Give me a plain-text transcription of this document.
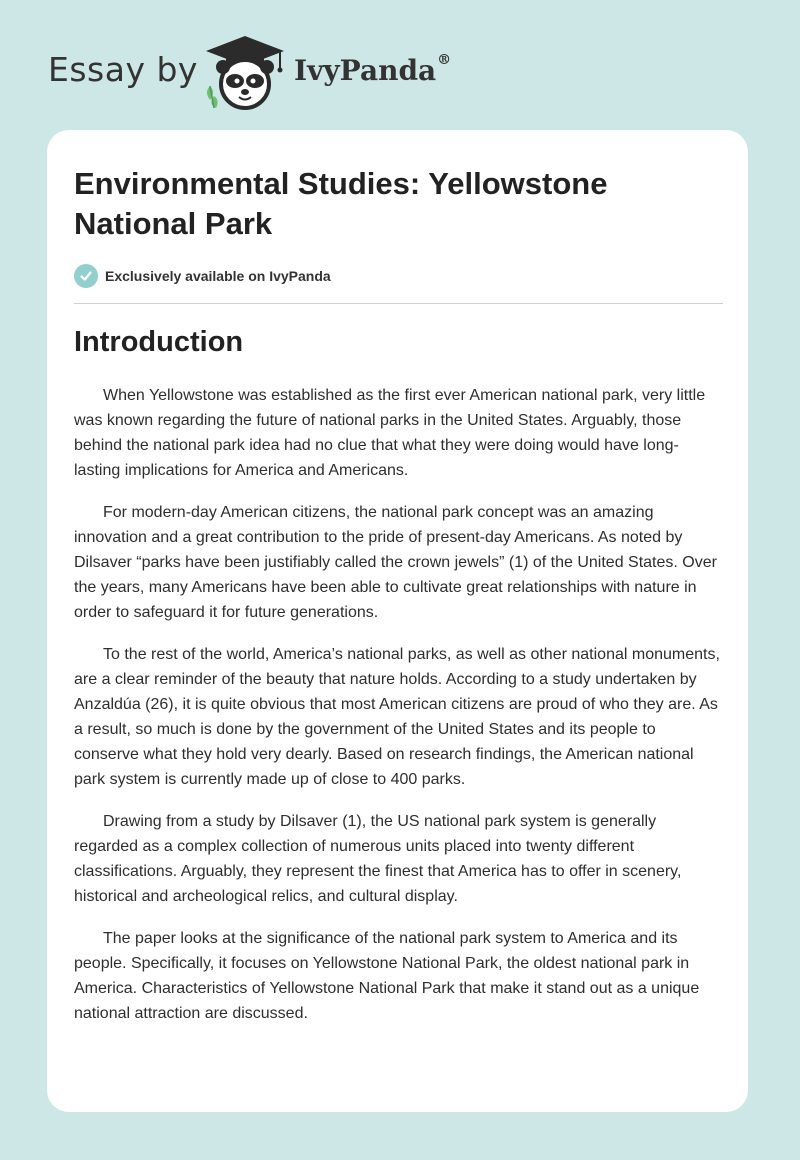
Essay by	IvyPanda®
Environmental Studies: Yellowstone National Park
Exclusively available on IvyPanda
Introduction

When Yellowstone was established as the first ever American national park, very little was known regarding the future of national parks in the United States. Arguably, those behind the national park idea had no clue that what they were doing would have long-lasting implications for America and Americans.

For modern-day American citizens, the national park concept was an amazing innovation and a great contribution to the pride of present-day Americans. As noted by Dilsaver “parks have been justifiably called the crown jewels” (1) of the United States. Over the years, many Americans have been able to cultivate great relationships with nature in order to safeguard it for future generations.

To the rest of the world, America’s national parks, as well as other national monuments, are a clear reminder of the beauty that nature holds. According to a study undertaken by Anzaldúa (26), it is quite obvious that most American citizens are proud of who they are. As a result, so much is done by the government of the United States and its people to conserve what they hold very dearly. Based on research findings, the American national park system is currently made up of close to 400 parks.

Drawing from a study by Dilsaver (1), the US national park system is generally regarded as a complex collection of numerous units placed into twenty different classifications. Arguably, they represent the finest that America has to offer in scenery, historical and archeological relics, and cultural display.

The paper looks at the significance of the national park system to America and its people. Specifically, it focuses on Yellowstone National Park, the oldest national park in America. Characteristics of Yellowstone National Park that make it stand out as a unique national attraction are discussed.
